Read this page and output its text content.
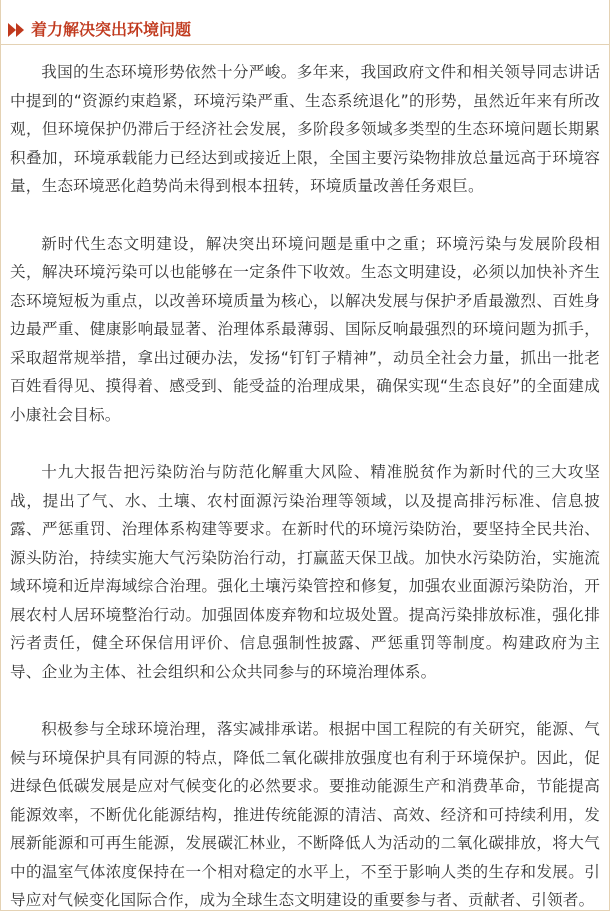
着力解决突出环境问题

我国的生态环境形势依然十分严峻。多年来，我国政府文件和相关领导同志讲话中提到的“资源约束趋紧，环境污染严重、生态系统退化”的形势，虽然近年来有所改观，但环境保护仍滞后于经济社会发展，多阶段多领域多类型的生态环境问题长期累积叠加，环境承载能力已经达到或接近上限，全国主要污染物排放总量远高于环境容量，生态环境恶化趋势尚未得到根本扭转，环境质量改善任务艰巨。

新时代生态文明建设，解决突出环境问题是重中之重；环境污染与发展阶段相关，解决环境污染可以也能够在一定条件下收效。生态文明建设，必须以加快补齐生态环境短板为重点，以改善环境质量为核心，以解决发展与保护矛盾最激烈、百姓身边最严重、健康影响最显著、治理体系最薄弱、国际反响最强烈的环境问题为抓手，采取超常规举措，拿出过硬办法，发扬“钉钉子精神”，动员全社会力量，抓出一批老百姓看得见、摸得着、感受到、能受益的治理成果，确保实现“生态良好”的全面建成小康社会目标。

十九大报告把污染防治与防范化解重大风险、精准脱贫作为新时代的三大攻坚战，提出了气、水、土壤、农村面源污染治理等领域，以及提高排污标准、信息披露、严惩重罚、治理体系构建等要求。在新时代的环境污染防治，要坚持全民共治、源头防治，持续实施大气污染防治行动，打赢蓝天保卫战。加快水污染防治，实施流域环境和近岸海域综合治理。强化土壤污染管控和修复，加强农业面源污染防治，开展农村人居环境整治行动。加强固体废弃物和垃圾处置。提高污染排放标准，强化排污者责任，健全环保信用评价、信息强制性披露、严惩重罚等制度。构建政府为主导、企业为主体、社会组织和公众共同参与的环境治理体系。

积极参与全球环境治理，落实减排承诺。根据中国工程院的有关研究，能源、气候与环境保护具有同源的特点，降低二氧化碳排放强度也有利于环境保护。因此，促进绿色低碳发展是应对气候变化的必然要求。要推动能源生产和消费革命，节能提高能源效率，不断优化能源结构，推进传统能源的清洁、高效、经济和可持续利用，发展新能源和可再生能源，发展碳汇林业，不断降低人为活动的二氧化碳排放，将大气中的温室气体浓度保持在一个相对稳定的水平上，不至于影响人类的生存和发展。引导应对气候变化国际合作，成为全球生态文明建设的重要参与者、贡献者、引领者。
